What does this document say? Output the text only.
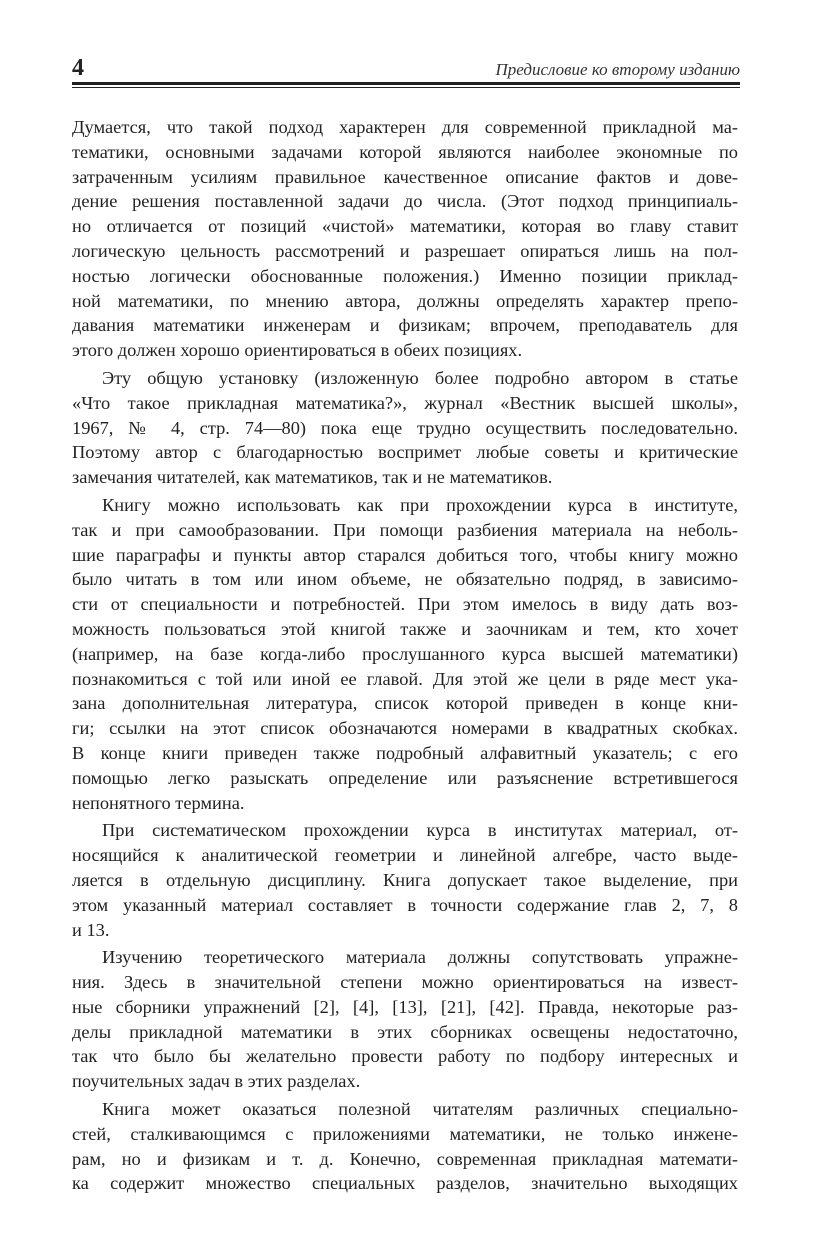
4	Предисловие ко второму изданию
Думается, что такой подход характерен для современной прикладной ма-
тематики, основными задачами которой являются наиболее экономные по
затраченным усилиям правильное качественное описание фактов и дове-
дение решения поставленной задачи до числа. (Этот подход принципиаль-
но отличается от позиций «чистой» математики, которая во главу ставит
логическую цельность рассмотрений и разрешает опираться лишь на пол-
ностью логически обоснованные положения.) Именно позиции приклад-
ной математики, по мнению автора, должны определять характер препо-
давания математики инженерам и физикам; впрочем, преподаватель для
этого должен хорошо ориентироваться в обеих позициях.
Эту общую установку (изложенную более подробно автором в статье
«Что такое прикладная математика?», журнал «Вестник высшей школы»,
1967, № 4, стр. 74—80) пока еще трудно осуществить последовательно.
Поэтому автор с благодарностью воспримет любые советы и критические
замечания читателей, как математиков, так и не математиков.
Книгу можно использовать как при прохождении курса в институте,
так и при самообразовании. При помощи разбиения материала на неболь-
шие параграфы и пункты автор старался добиться того, чтобы книгу можно
было читать в том или ином объеме, не обязательно подряд, в зависимо-
сти от специальности и потребностей. При этом имелось в виду дать воз-
можность пользоваться этой книгой также и заочникам и тем, кто хочет
(например, на базе когда-либо прослушанного курса высшей математики)
познакомиться с той или иной ее главой. Для этой же цели в ряде мест ука-
зана дополнительная литература, список которой приведен в конце кни-
ги; ссылки на этот список обозначаются номерами в квадратных скобках.
В конце книги приведен также подробный алфавитный указатель; с его
помощью легко разыскать определение или разъяснение встретившегося
непонятного термина.
При систематическом прохождении курса в институтах материал, от-
носящийся к аналитической геометрии и линейной алгебре, часто выде-
ляется в отдельную дисциплину. Книга допускает такое выделение, при
этом указанный материал составляет в точности содержание глав 2, 7, 8
и 13.
Изучению теоретического материала должны сопутствовать упражне-
ния. Здесь в значительной степени можно ориентироваться на извест-
ные сборники упражнений [2], [4], [13], [21], [42]. Правда, некоторые раз-
делы прикладной математики в этих сборниках освещены недостаточно,
так что было бы желательно провести работу по подбору интересных и
поучительных задач в этих разделах.
Книга может оказаться полезной читателям различных специально-
стей, сталкивающимся с приложениями математики, не только инжене-
рам, но и физикам и т. д. Конечно, современная прикладная математи-
ка содержит множество специальных разделов, значительно выходящих
